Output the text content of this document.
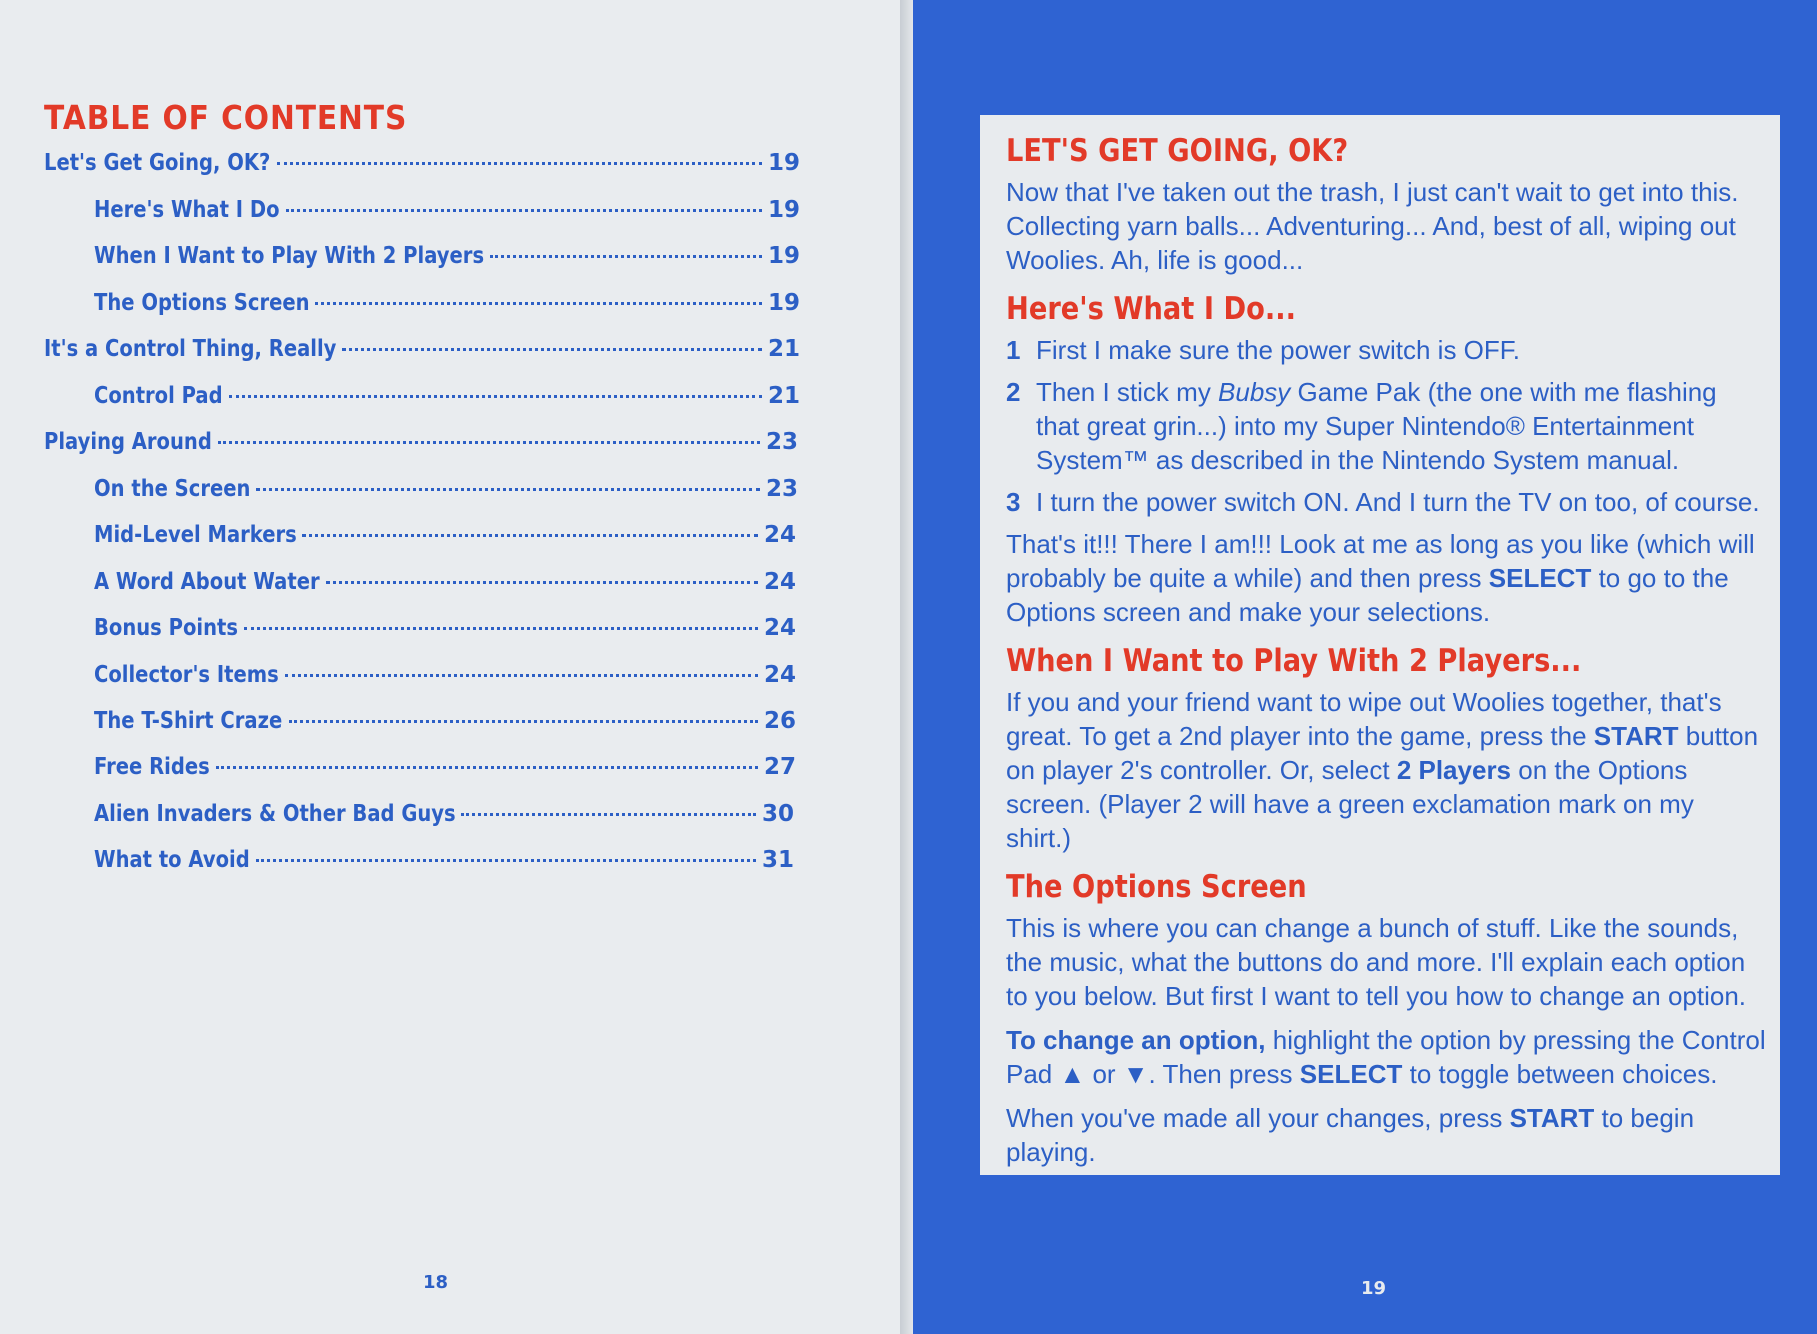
TABLE OF CONTENTS
Let's Get Going, OK?	19
Here's What I Do	19
When I Want to Play With 2 Players	19
The Options Screen	19
It's a Control Thing, Really	21
Control Pad	21
Playing Around	23
On the Screen	23
Mid-Level Markers	24
A Word About Water	24
Bonus Points	24
Collector's Items	24
The T-Shirt Craze	26
Free Rides	27
Alien Invaders & Other Bad Guys	30
What to Avoid	31
18	19
LET'S GET GOING, OK?

Now that I've taken out the trash, I just can't wait to get into this. Collecting yarn balls... Adventuring... And, best of all, wiping out Woolies. Ah, life is good...

Here's What I Do...
1 First I make sure the power switch is OFF.
2 Then I stick my Bubsy Game Pak (the one with me flashing that great grin...) into my Super Nintendo® Entertainment System™ as described in the Nintendo System manual.
3 I turn the power switch ON. And I turn the TV on too, of course.

That's it!!! There I am!!! Look at me as long as you like (which will probably be quite a while) and then press SELECT to go to the Options screen and make your selections.

When I Want to Play With 2 Players...

If you and your friend want to wipe out Woolies together, that's great. To get a 2nd player into the game, press the START button on player 2's controller. Or, select 2 Players on the Options screen. (Player 2 will have a green exclamation mark on my shirt.)

The Options Screen

This is where you can change a bunch of stuff. Like the sounds, the music, what the buttons do and more. I'll explain each option to you below. But first I want to tell you how to change an option.

To change an option, highlight the option by pressing the Control Pad ▲ or ▼. Then press SELECT to toggle between choices.

When you've made all your changes, press START to begin playing.
